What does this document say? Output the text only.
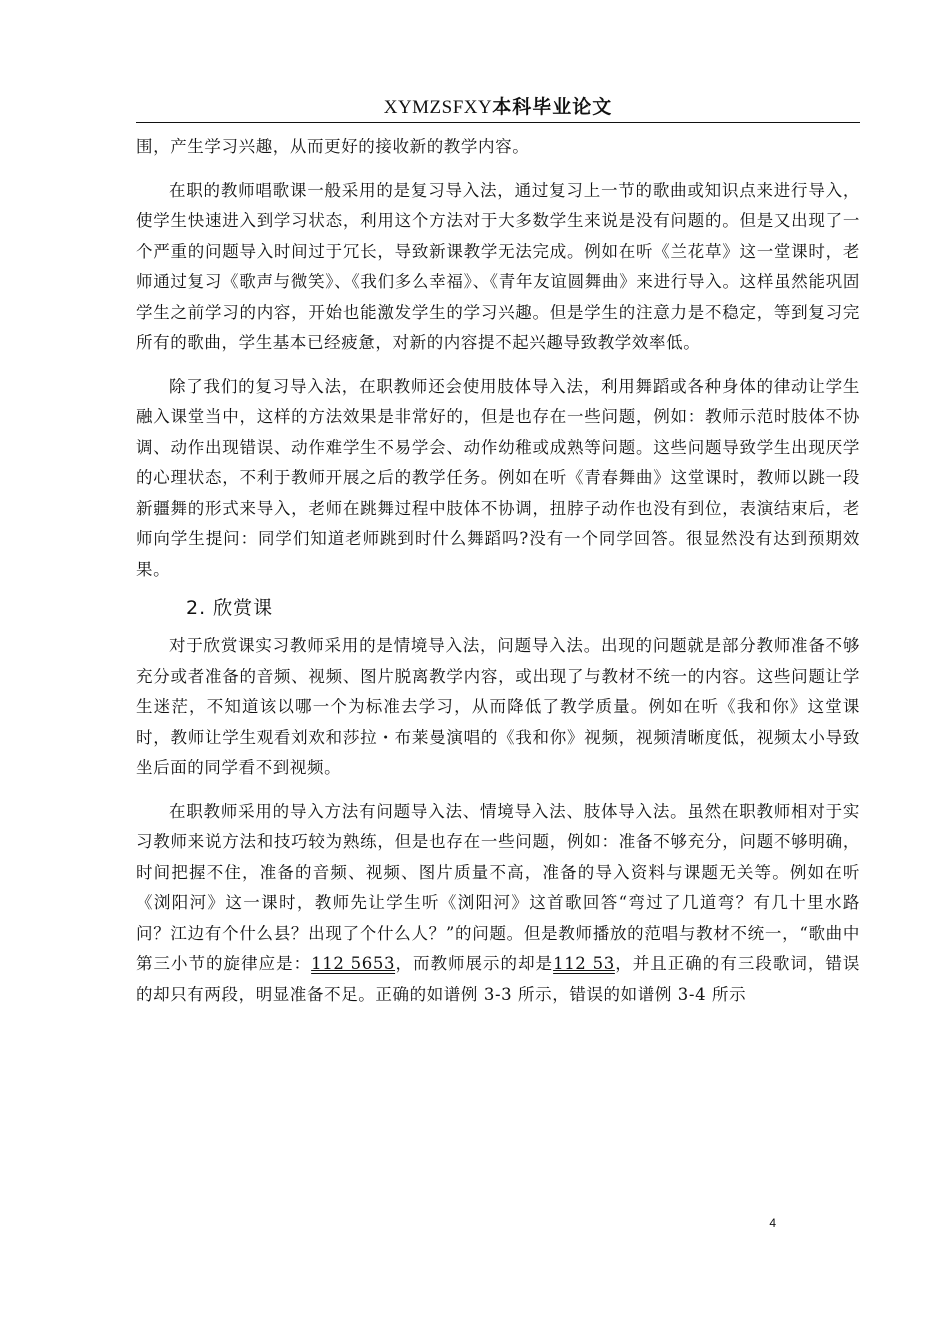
XYMZSFXY本科毕业论文

围，产生学习兴趣，从而更好的接收新的教学内容。

在职的教师唱歌课一般采用的是复习导入法，通过复习上一节的歌曲或知识点来进行导入，使学生快速进入到学习状态，利用这个方法对于大多数学生来说是没有问题的。但是又出现了一个严重的问题导入时间过于冗长，导致新课教学无法完成。例如在听《兰花草》这一堂课时，老师通过复习《歌声与微笑》、《我们多么幸福》、《青年友谊圆舞曲》来进行导入。这样虽然能巩固学生之前学习的内容，开始也能激发学生的学习兴趣。但是学生的注意力是不稳定，等到复习完所有的歌曲，学生基本已经疲惫，对新的内容提不起兴趣导致教学效率低。

除了我们的复习导入法，在职教师还会使用肢体导入法，利用舞蹈或各种身体的律动让学生融入课堂当中，这样的方法效果是非常好的，但是也存在一些问题，例如：教师示范时肢体不协调、动作出现错误、动作难学生不易学会、动作幼稚或成熟等问题。这些问题导致学生出现厌学的心理状态，不利于教师开展之后的教学任务。例如在听《青春舞曲》这堂课时，教师以跳一段新疆舞的形式来导入，老师在跳舞过程中肢体不协调，扭脖子动作也没有到位，表演结束后，老师向学生提问：同学们知道老师跳到时什么舞蹈吗?没有一个同学回答。很显然没有达到预期效果。

2. 欣赏课

对于欣赏课实习教师采用的是情境导入法，问题导入法。出现的问题就是部分教师准备不够充分或者准备的音频、视频、图片脱离教学内容，或出现了与教材不统一的内容。这些问题让学生迷茫，不知道该以哪一个为标准去学习，从而降低了教学质量。例如在听《我和你》这堂课时，教师让学生观看刘欢和莎拉・布莱曼演唱的《我和你》视频，视频清晰度低，视频太小导致坐后面的同学看不到视频。

在职教师采用的导入方法有问题导入法、情境导入法、肢体导入法。虽然在职教师相对于实习教师来说方法和技巧较为熟练，但是也存在一些问题，例如：准备不够充分，问题不够明确，时间把握不住，准备的音频、视频、图片质量不高，准备的导入资料与课题无关等。例如在听《浏阳河》这一课时，教师先让学生听《浏阳河》这首歌回答“弯过了几道弯？有几十里水路问？江边有个什么县？出现了个什么人？”的问题。但是教师播放的范唱与教材不统一，“歌曲中第三小节的旋律应是：112 5653，而教师展示的却是112 53，并且正确的有三段歌词，错误的却只有两段，明显准备不足。正确的如谱例 3-3 所示，错误的如谱例 3-4 所示

4
